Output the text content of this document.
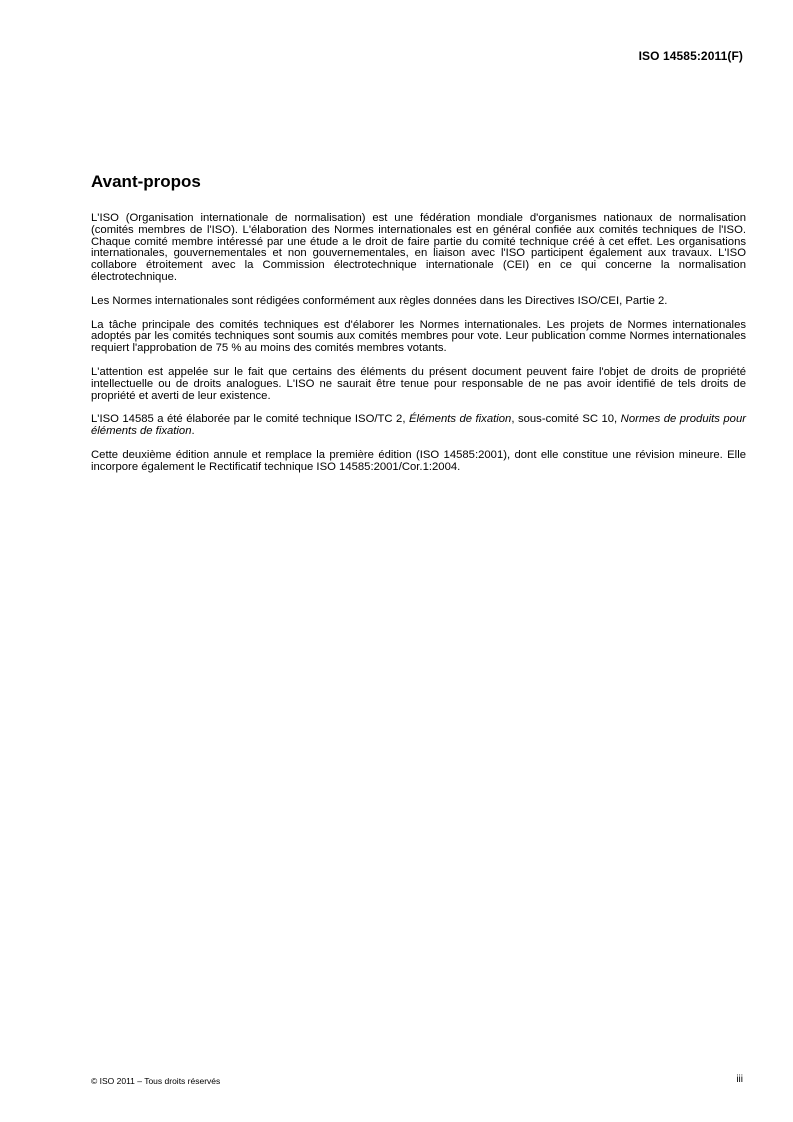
ISO 14585:2011(F)
Avant-propos

L'ISO (Organisation internationale de normalisation) est une fédération mondiale d'organismes nationaux de normalisation (comités membres de l'ISO). L'élaboration des Normes internationales est en général confiée aux comités techniques de l'ISO. Chaque comité membre intéressé par une étude a le droit de faire partie du comité technique créé à cet effet. Les organisations internationales, gouvernementales et non gouvernementales, en liaison avec l'ISO participent également aux travaux. L'ISO collabore étroitement avec la Commission électrotechnique internationale (CEI) en ce qui concerne la normalisation électrotechnique.

Les Normes internationales sont rédigées conformément aux règles données dans les Directives ISO/CEI, Partie 2.

La tâche principale des comités techniques est d'élaborer les Normes internationales. Les projets de Normes internationales adoptés par les comités techniques sont soumis aux comités membres pour vote. Leur publication comme Normes internationales requiert l'approbation de 75 % au moins des comités membres votants.

L'attention est appelée sur le fait que certains des éléments du présent document peuvent faire l'objet de droits de propriété intellectuelle ou de droits analogues. L'ISO ne saurait être tenue pour responsable de ne pas avoir identifié de tels droits de propriété et averti de leur existence.

L'ISO 14585 a été élaborée par le comité technique ISO/TC 2, Éléments de fixation, sous-comité SC 10, Normes de produits pour éléments de fixation.

Cette deuxième édition annule et remplace la première édition (ISO 14585:2001), dont elle constitue une révision mineure. Elle incorpore également le Rectificatif technique ISO 14585:2001/Cor.1:2004.

© ISO 2011 – Tous droits réservés	iii
